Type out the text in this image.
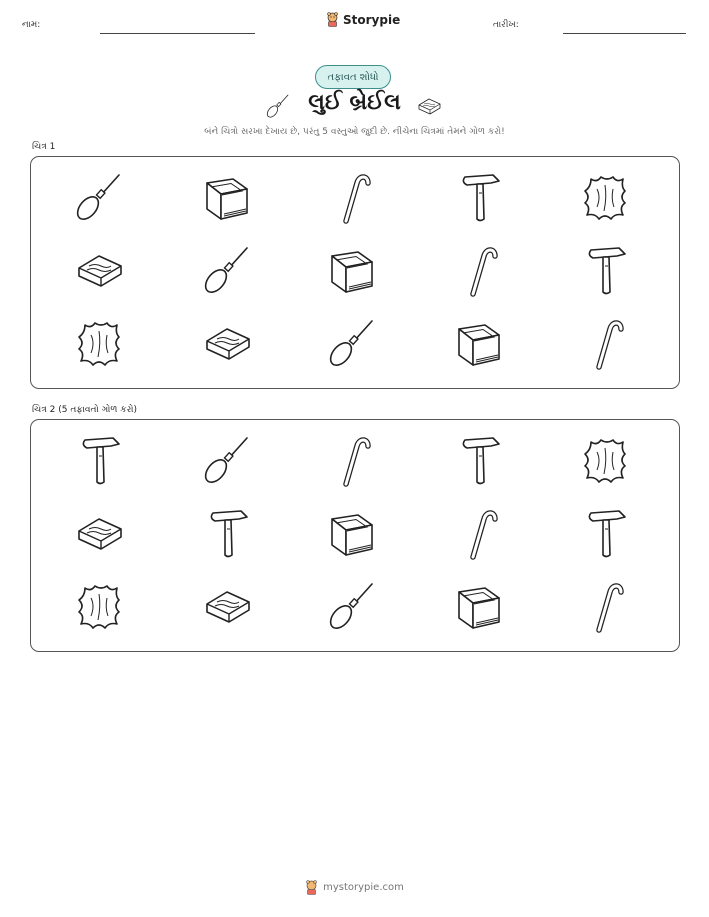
નામ:	Storypie	તારીખ:
તફાવત શોધો
લુઈ બ્રેઈલ
બંને ચિત્રો સરખા દેખાય છે, પરંતુ 5 વસ્તુઓ જુદી છે. નીચેના ચિત્રમાં તેમને ગોળ કરો!
ચિત્ર 1
ચિત્ર 2 (5 તફાવતો ગોળ કરો)
mystorypie.com
